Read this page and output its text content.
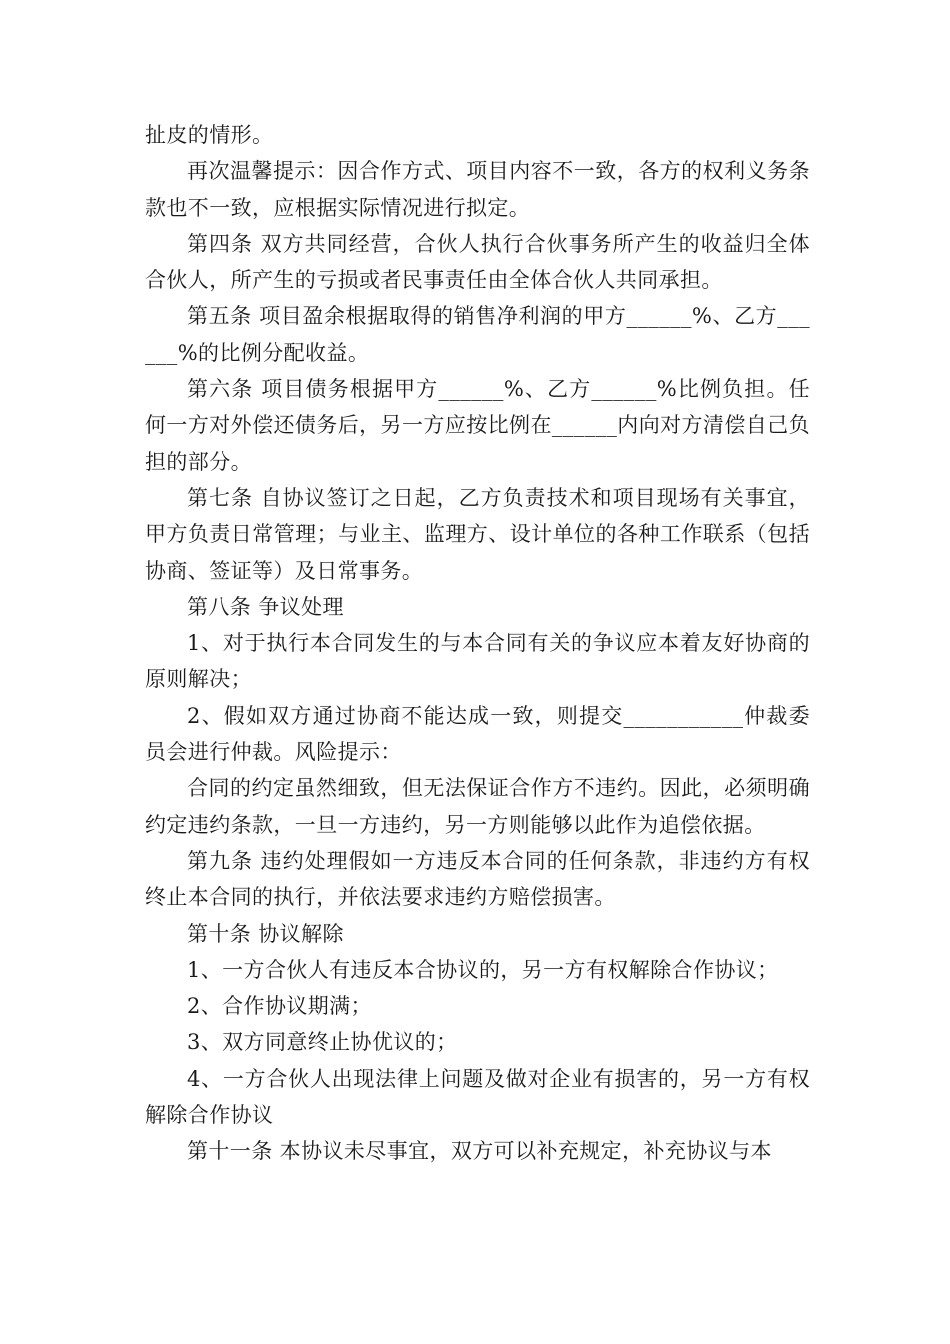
扯皮的情形。

再次温馨提示：因合作方式、项目内容不一致，各方的权利义务条款也不一致，应根据实际情况进行拟定。

第四条 双方共同经营，合伙人执行合伙事务所产生的收益归全体合伙人，所产生的亏损或者民事责任由全体合伙人共同承担。

第五条 项目盈余根据取得的销售净利润的甲方______%、乙方______%的比例分配收益。

第六条 项目债务根据甲方______%、乙方______%比例负担。任何一方对外偿还债务后，另一方应按比例在______内向对方清偿自己负担的部分。

第七条 自协议签订之日起，乙方负责技术和项目现场有关事宜，甲方负责日常管理；与业主、监理方、设计单位的各种工作联系（包括协商、签证等）及日常事务。

第八条 争议处理

1、对于执行本合同发生的与本合同有关的争议应本着友好协商的原则解决；

2、假如双方通过协商不能达成一致，则提交___________仲裁委员会进行仲裁。风险提示：

合同的约定虽然细致，但无法保证合作方不违约。因此，必须明确约定违约条款，一旦一方违约，另一方则能够以此作为追偿依据。

第九条 违约处理假如一方违反本合同的任何条款，非违约方有权终止本合同的执行，并依法要求违约方赔偿损害。

第十条 协议解除

1、一方合伙人有违反本合协议的，另一方有权解除合作协议；

2、合作协议期满；

3、双方同意终止协优议的；

4、一方合伙人出现法律上问题及做对企业有损害的，另一方有权解除合作协议

第十一条 本协议未尽事宜，双方可以补充规定，补充协议与本
